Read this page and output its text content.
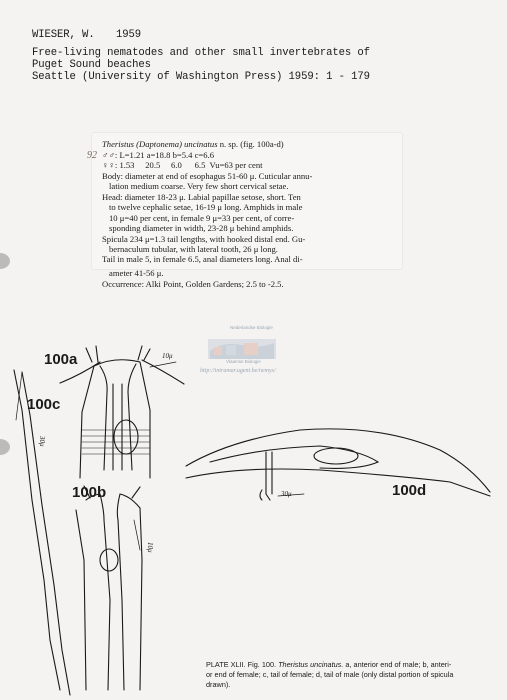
WIESER, W. 1959
Free-living nematodes and other small invertebrates of
Puget Sound beaches
Seattle (University of Washington Press) 1959: 1 - 179
Theristus (Daptonema) uncinatus n. sp. (fig. 100a-d)
♂♂: L=1.21 a=18.8 b=5.4 c=6.6
♀♀: 1.53     20.5     6.0      6.5  Vu=63 per cent
Body: diameter at end of esophagus 51-60 μ. Cuticular annu-
lation medium coarse. Very few short cervical setae.
Head: diameter 18-23 μ. Labial papillae setose, short. Ten
to twelve cephalic setae, 16-19 μ long. Amphids in male
10 μ=40 per cent, in female 9 μ=33 per cent, of corre-
sponding diameter in width, 23-28 μ behind amphids.
Spicula 234 μ=1.3 tail lengths, with hooked distal end. Gu-
bernaculum tubular, with lateral tooth, 26 μ long.
Tail in male 5, in female 6.5, anal diameters long. Anal di-
ameter 41-56 μ.
Occurrence: Alki Point, Golden Gardens; 2.5 to -2.5.
92
Nederlandse Biologie
Vlaamse Biologie
http://intramar.ugent.be/nemys/
100a
100c
100b	100d
10μ
10μ
30μ
30μ
PLATE XLII. Fig. 100. Theristus uncinatus. a, anterior end of male; b, anteri-
or end of female; c, tail of female; d, tail of male (only distal portion of spicula
drawn).
